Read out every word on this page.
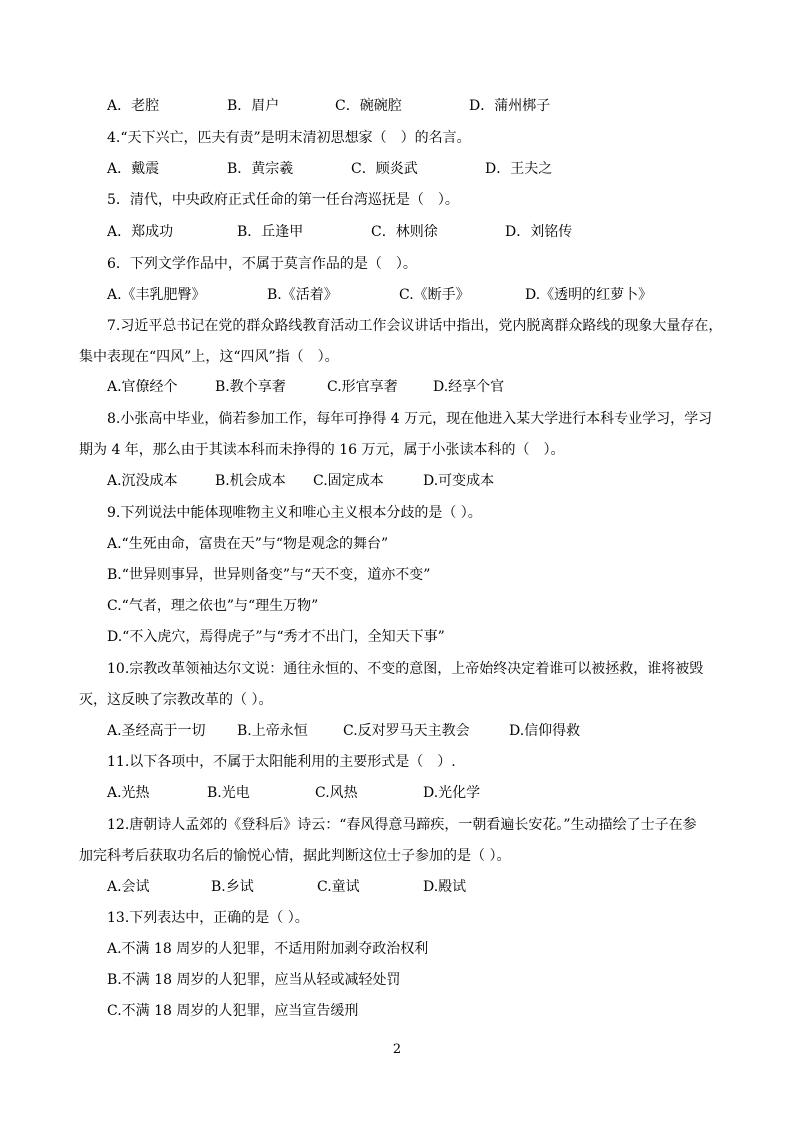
A．老腔	B．眉户	C．碗碗腔	D．蒲州梆子
4.“天下兴亡，匹夫有责”是明末清初思想家（　）的名言。
A．戴震	B．黄宗羲	C．顾炎武	D．王夫之
5．清代，中央政府正式任命的第一任台湾巡抚是（　）。
A．郑成功	B．丘逢甲	C．林则徐	D．刘铭传
6．下列文学作品中，不属于莫言作品的是（　）。
A.《丰乳肥臀》	B.《活着》	C.《断手》	D.《透明的红萝卜》
7.习近平总书记在党的群众路线教育活动工作会议讲话中指出，党内脱离群众路线的现象大量存在，
集中表现在“四风”上，这“四风”指（　）。
A.官僚经个	B.教个享奢	C.形官享奢	D.经享个官
8.小张高中毕业，倘若参加工作，每年可挣得 4 万元，现在他进入某大学进行本科专业学习，学习
期为 4 年，那么由于其读本科而未挣得的 16 万元，属于小张读本科的（　）。
A.沉没成本	B.机会成本 C.固定成本	D.可变成本
9.下列说法中能体现唯物主义和唯心主义根本分歧的是（ ）。
A.“生死由命，富贵在天”与“物是观念的舞台”
B.“世异则事异，世异则备变”与“天不变，道亦不变”
C.“气者，理之依也”与“理生万物”
D.“不入虎穴，焉得虎子”与“秀才不出门，全知天下事”
10.宗教改革领袖达尔文说：通往永恒的、不变的意图，上帝始终决定着谁可以被拯救，谁将被毁
灭，这反映了宗教改革的（ ）。
A.圣经高于一切 B.上帝永恒	C.反对罗马天主教会	D.信仰得救
11.以下各项中，不属于太阳能利用的主要形式是（　）.
A.光热	B.光电	C.风热	D.光化学
12.唐朝诗人孟郊的《登科后》诗云：“春风得意马蹄疾，一朝看遍长安花。”生动描绘了士子在参
加完科考后获取功名后的愉悦心情，据此判断这位士子参加的是（ ）。
A.会试	B.乡试	C.童试	D.殿试
13.下列表达中，正确的是（ ）。
A.不满 18 周岁的人犯罪，不适用附加剥夺政治权利
B.不满 18 周岁的人犯罪，应当从轻或减轻处罚
C.不满 18 周岁的人犯罪，应当宣告缓刑
2
